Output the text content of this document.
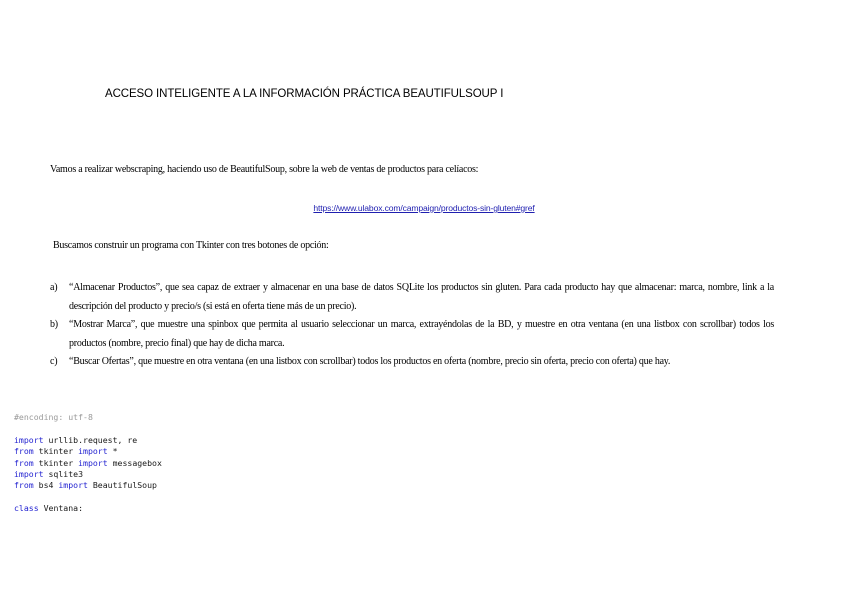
ACCESO INTELIGENTE A LA INFORMACIÓN PRÁCTICA BEAUTIFULSOUP I
Vamos a realizar webscraping, haciendo uso de BeautifulSoup, sobre la web de ventas de productos para celíacos:
https://www.ulabox.com/campaign/productos-sin-gluten#gref
Buscamos construir un programa con Tkinter con tres botones de opción:
a)	“Almacenar Productos”, que sea capaz de extraer y almacenar en una base de datos SQLite los productos sin gluten. Para cada producto hay que almacenar: marca, nombre, link a la descripción del producto y precio/s (si está en oferta tiene más de un precio).
b)	“Mostrar Marca”, que muestre una spinbox que permita al usuario seleccionar un marca, extrayéndolas de la BD, y muestre en otra ventana (en una listbox con scrollbar) todos los productos (nombre, precio final) que hay de dicha marca.
c)	“Buscar Ofertas”, que muestre en otra ventana (en una listbox con scrollbar) todos los productos en oferta (nombre, precio sin oferta, precio con oferta) que hay.
#encoding: utf-8
import urllib.request, re
from tkinter import *
from tkinter import messagebox
import sqlite3
from bs4 import BeautifulSoup
class Ventana:
